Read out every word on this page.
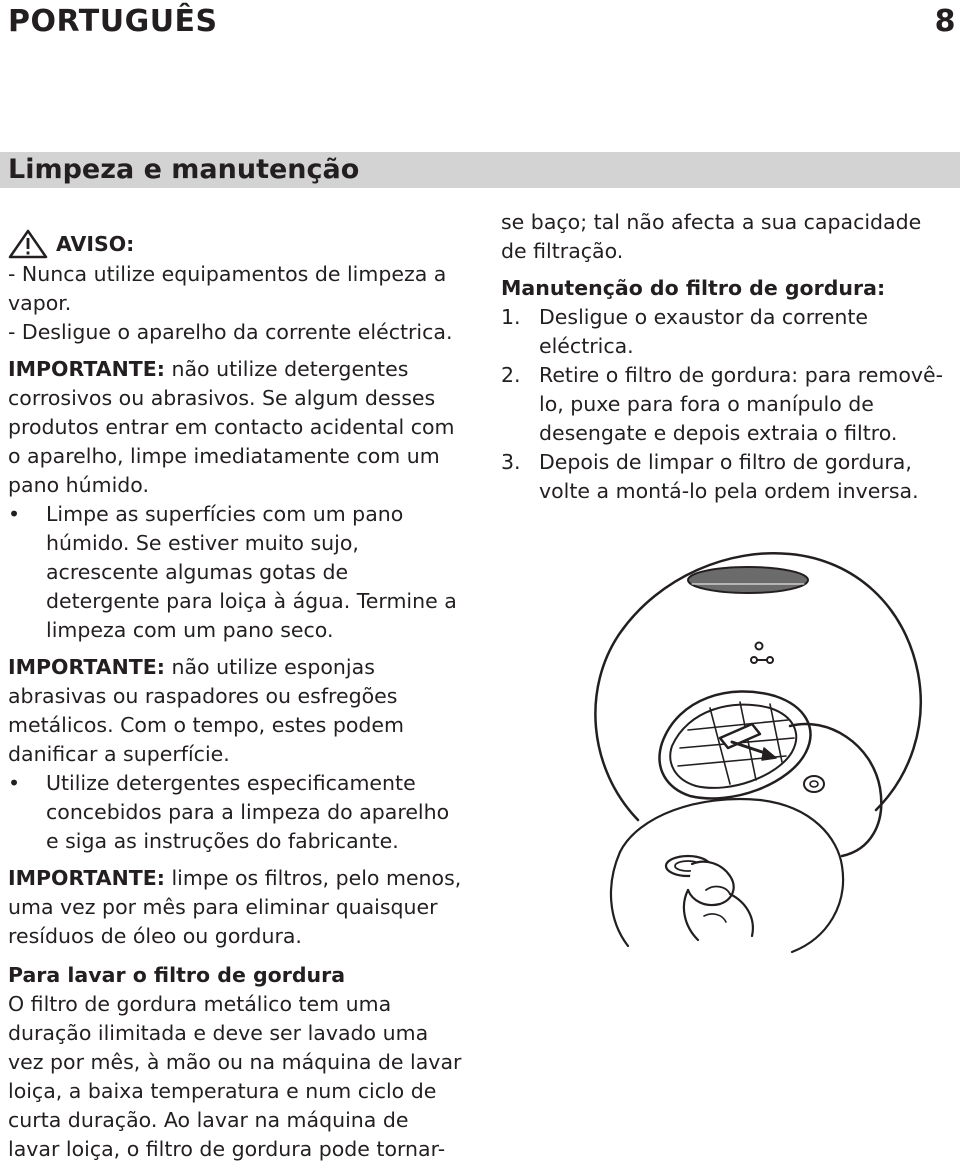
PORTUGUÊS	8
Limpeza e manutenção
AVISO:

- Nunca utilize equipamentos de limpeza a vapor.

- Desligue o aparelho da corrente eléctrica.

IMPORTANTE: não utilize detergentes corrosivos ou abrasivos. Se algum desses produtos entrar em contacto acidental com o aparelho, limpe imediatamente com um pano húmido.

• Limpe as superfícies com um pano húmido. Se estiver muito sujo, acrescente algumas gotas de detergente para loiça à água. Termine a limpeza com um pano seco.

IMPORTANTE: não utilize esponjas abrasivas ou raspadores ou esfregões metálicos. Com o tempo, estes podem danificar a superfície.

• Utilize detergentes especificamente concebidos para a limpeza do aparelho e siga as instruções do fabricante.

IMPORTANTE: limpe os filtros, pelo menos, uma vez por mês para eliminar quaisquer resíduos de óleo ou gordura.

Para lavar o filtro de gordura

O filtro de gordura metálico tem uma duração ilimitada e deve ser lavado uma vez por mês, à mão ou na máquina de lavar loiça, a baixa temperatura e num ciclo de curta duração. Ao lavar na máquina de lavar loiça, o filtro de gordura pode tornar-

se baço; tal não afecta a sua capacidade de filtração.

Manutenção do filtro de gordura:

1. Desligue o exaustor da corrente eléctrica.
2. Retire o filtro de gordura: para removê-lo, puxe para fora o manípulo de desengate e depois extraia o filtro.
3. Depois de limpar o filtro de gordura, volte a montá-lo pela ordem inversa.
